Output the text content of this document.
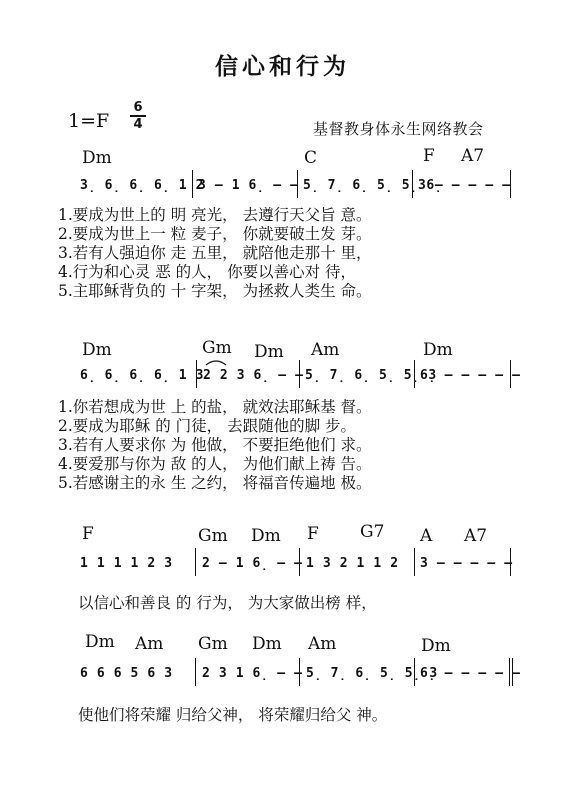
信心和行为
1=F
6
4	基督教身体永生网络教会
Dm	C	F A7
3̣ 6̣ 6̣ 6̣ 1 2
3 – 1 6̣ – – 5̣ 7̣ 6̣ 5̣ 5̣ 6̣
3 – – – – –
1.要成为世上的 明 亮光， 去遵行天父旨 意。
2.要成为世上一 粒 麦子， 你就要破土发 芽。
3.若有人强迫你 走 五里， 就陪他走那十 里，
4.行为和心灵 恶 的人， 你要以善心对 待，
5.主耶稣背负的 十 字架， 为拯救人类生 命。
Dm	Gm Dm Am	Dm
6̣ 6̣ 6̣ 6̣ 1 3 2 2 3 6̣ – – 5̣ 7̣ 6̣ 5̣ 5̣ 3
6̣ – – – – –
1.你若想成为世 上 的盐， 就效法耶稣基 督。
2.要成为耶稣 的 门徒， 去跟随他的脚 步。
3.若有人要求你 为 他做， 不要拒绝他们 求。
4.要爱那与你为 敌 的人， 为他们献上祷 告。
5.若感谢主的永 生 之约， 将福音传遍地 极。
F	Gm Dm F G7 A A7
1 1 1 1 2 3 2 – 1 6̣ – – 1 3 2 1 1 2 3 – – – – –
以信心和善良 的 行为， 为大家做出榜 样，
Dm Am Gm Dm Am	Dm
6 6 6 5 6 3 2 3 1 6̣ – – 5̣ 7̣ 6̣ 5̣ 5̣ 3
6̣ – – – – –
使他们将荣耀 归给父神， 将荣耀归给父 神。
